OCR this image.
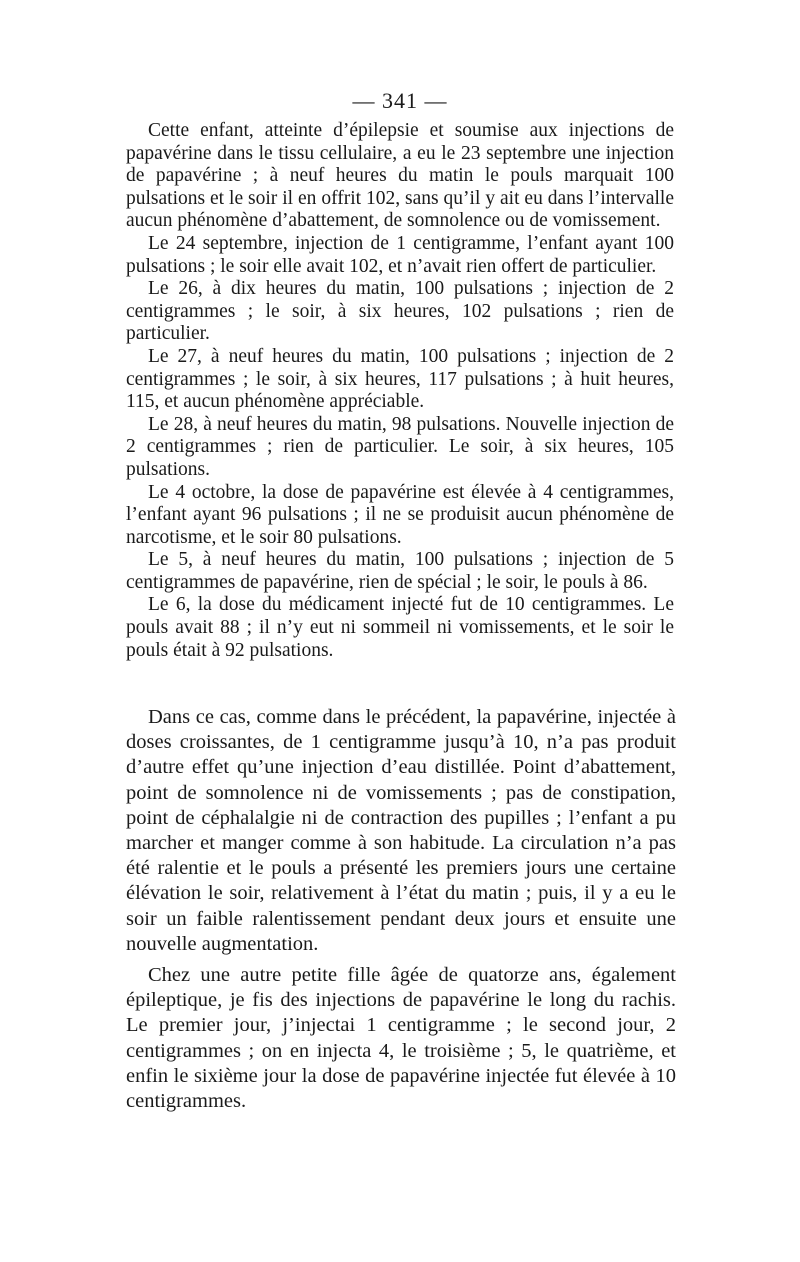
— 341 —

Cette enfant, atteinte d’épilepsie et soumise aux injections de papavérine dans le tissu cellulaire, a eu le 23 septembre une injection de papavérine ; à neuf heures du matin le pouls marquait 100 pulsations et le soir il en offrit 102, sans qu’il y ait eu dans l’intervalle aucun phénomène d’abattement, de somnolence ou de vomissement.

Le 24 septembre, injection de 1 centigramme, l’enfant ayant 100 pulsations ; le soir elle avait 102, et n’avait rien offert de particulier.

Le 26, à dix heures du matin, 100 pulsations ; injection de 2 centigrammes ; le soir, à six heures, 102 pulsations ; rien de particulier.

Le 27, à neuf heures du matin, 100 pulsations ; injection de 2 centigrammes ; le soir, à six heures, 117 pulsations ; à huit heures, 115, et aucun phénomène appréciable.

Le 28, à neuf heures du matin, 98 pulsations. Nouvelle injection de 2 centigrammes ; rien de particulier. Le soir, à six heures, 105 pulsations.

Le 4 octobre, la dose de papavérine est élevée à 4 centigrammes, l’enfant ayant 96 pulsations ; il ne se produisit aucun phénomène de narcotisme, et le soir 80 pulsations.

Le 5, à neuf heures du matin, 100 pulsations ; injection de 5 centigrammes de papavérine, rien de spécial ; le soir, le pouls à 86.

Le 6, la dose du médicament injecté fut de 10 centigrammes. Le pouls avait 88 ; il n’y eut ni sommeil ni vomissements, et le soir le pouls était à 92 pulsations.

Dans ce cas, comme dans le précédent, la papavérine, injectée à doses croissantes, de 1 centigramme jusqu’à 10, n’a pas produit d’autre effet qu’une injection d’eau distillée. Point d’abattement, point de somnolence ni de vomissements ; pas de constipation, point de céphalalgie ni de contraction des pupilles ; l’enfant a pu marcher et manger comme à son habitude. La circulation n’a pas été ralentie et le pouls a présenté les premiers jours une certaine élévation le soir, relativement à l’état du matin ; puis, il y a eu le soir un faible ralentissement pendant deux jours et ensuite une nouvelle augmentation.

Chez une autre petite fille âgée de quatorze ans, également épileptique, je fis des injections de papavérine le long du rachis. Le premier jour, j’injectai 1 centigramme ; le second jour, 2 centigrammes ; on en injecta 4, le troisième ; 5, le quatrième, et enfin le sixième jour la dose de papavérine injectée fut élevée à 10 centigrammes.
